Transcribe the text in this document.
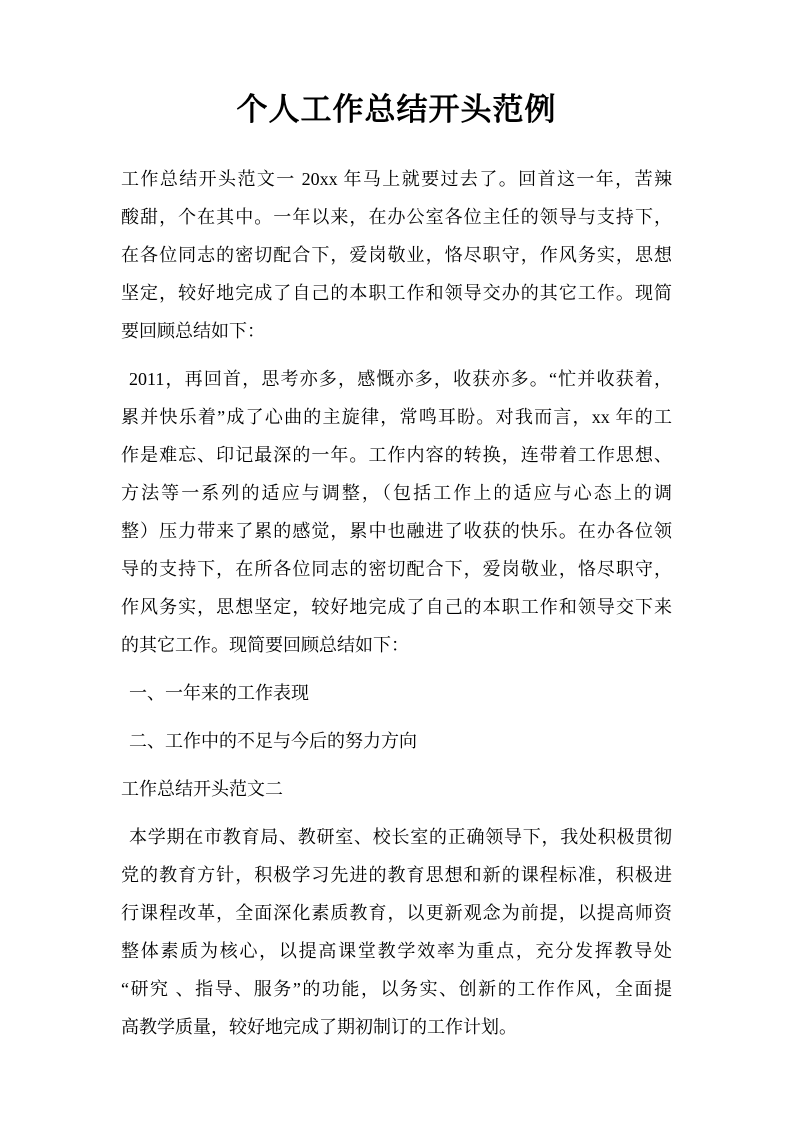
个人工作总结开头范例
工作总结开头范文一 20xx 年马上就要过去了。回首这一年，苦辣
酸甜，个在其中。一年以来，在办公室各位主任的领导与支持下，
在各位同志的密切配合下，爱岗敬业，恪尽职守，作风务实，思想
坚定，较好地完成了自己的本职工作和领导交办的其它工作。现简
要回顾总结如下：
2011，再回首，思考亦多，感慨亦多，收获亦多。“忙并收获着，
累并快乐着”成了心曲的主旋律，常鸣耳盼。对我而言，xx 年的工
作是难忘、印记最深的一年。工作内容的转换，连带着工作思想、
方法等一系列的适应与调整，（包括工作上的适应与心态上的调
整）压力带来了累的感觉，累中也融进了收获的快乐。在办各位领
导的支持下，在所各位同志的密切配合下，爱岗敬业，恪尽职守，
作风务实，思想坚定，较好地完成了自己的本职工作和领导交下来
的其它工作。现简要回顾总结如下：
一、一年来的工作表现
二、工作中的不足与今后的努力方向
工作总结开头范文二
本学期在市教育局、教研室、校长室的正确领导下，我处积极贯彻
党的教育方针，积极学习先进的教育思想和新的课程标准，积极进
行课程改革，全面深化素质教育，以更新观念为前提，以提高师资
整体素质为核心，以提高课堂教学效率为重点，充分发挥教导处
“研究 、指导、服务”的功能，以务实、创新的工作作风，全面提
高教学质量，较好地完成了期初制订的工作计划。
